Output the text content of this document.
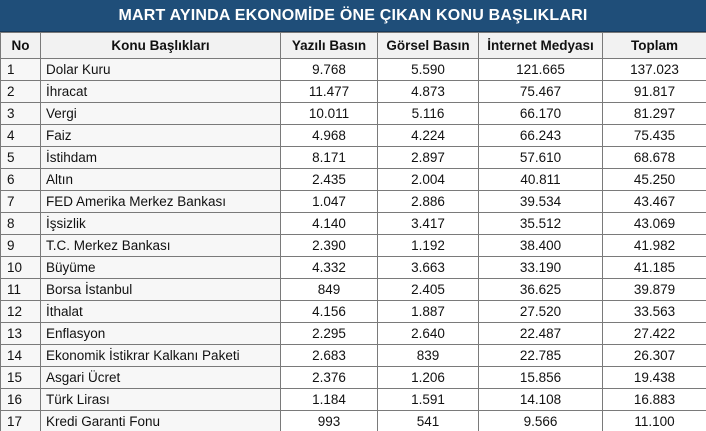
MART AYINDA EKONOMİDE ÖNE ÇIKAN KONU BAŞLIKLARI
No	Konu Başlıkları	Yazılı Basın	Görsel Basın	İnternet Medyası	Toplam
1	Dolar Kuru	9.768	5.590	121.665	137.023
2	İhracat	11.477	4.873	75.467	91.817
3	Vergi	10.011	5.116	66.170	81.297
4	Faiz	4.968	4.224	66.243	75.435
5	İstihdam	8.171	2.897	57.610	68.678
6	Altın	2.435	2.004	40.811	45.250
7	FED Amerika Merkez Bankası	1.047	2.886	39.534	43.467
8	İşsizlik	4.140	3.417	35.512	43.069
9	T.C. Merkez Bankası	2.390	1.192	38.400	41.982
10	Büyüme	4.332	3.663	33.190	41.185
11	Borsa İstanbul	849	2.405	36.625	39.879
12	İthalat	4.156	1.887	27.520	33.563
13	Enflasyon	2.295	2.640	22.487	27.422
14	Ekonomik İstikrar Kalkanı Paketi	2.683	839	22.785	26.307
15	Asgari Ücret	2.376	1.206	15.856	19.438
16	Türk Lirası	1.184	1.591	14.108	16.883
17	Kredi Garanti Fonu	993	541	9.566	11.100
